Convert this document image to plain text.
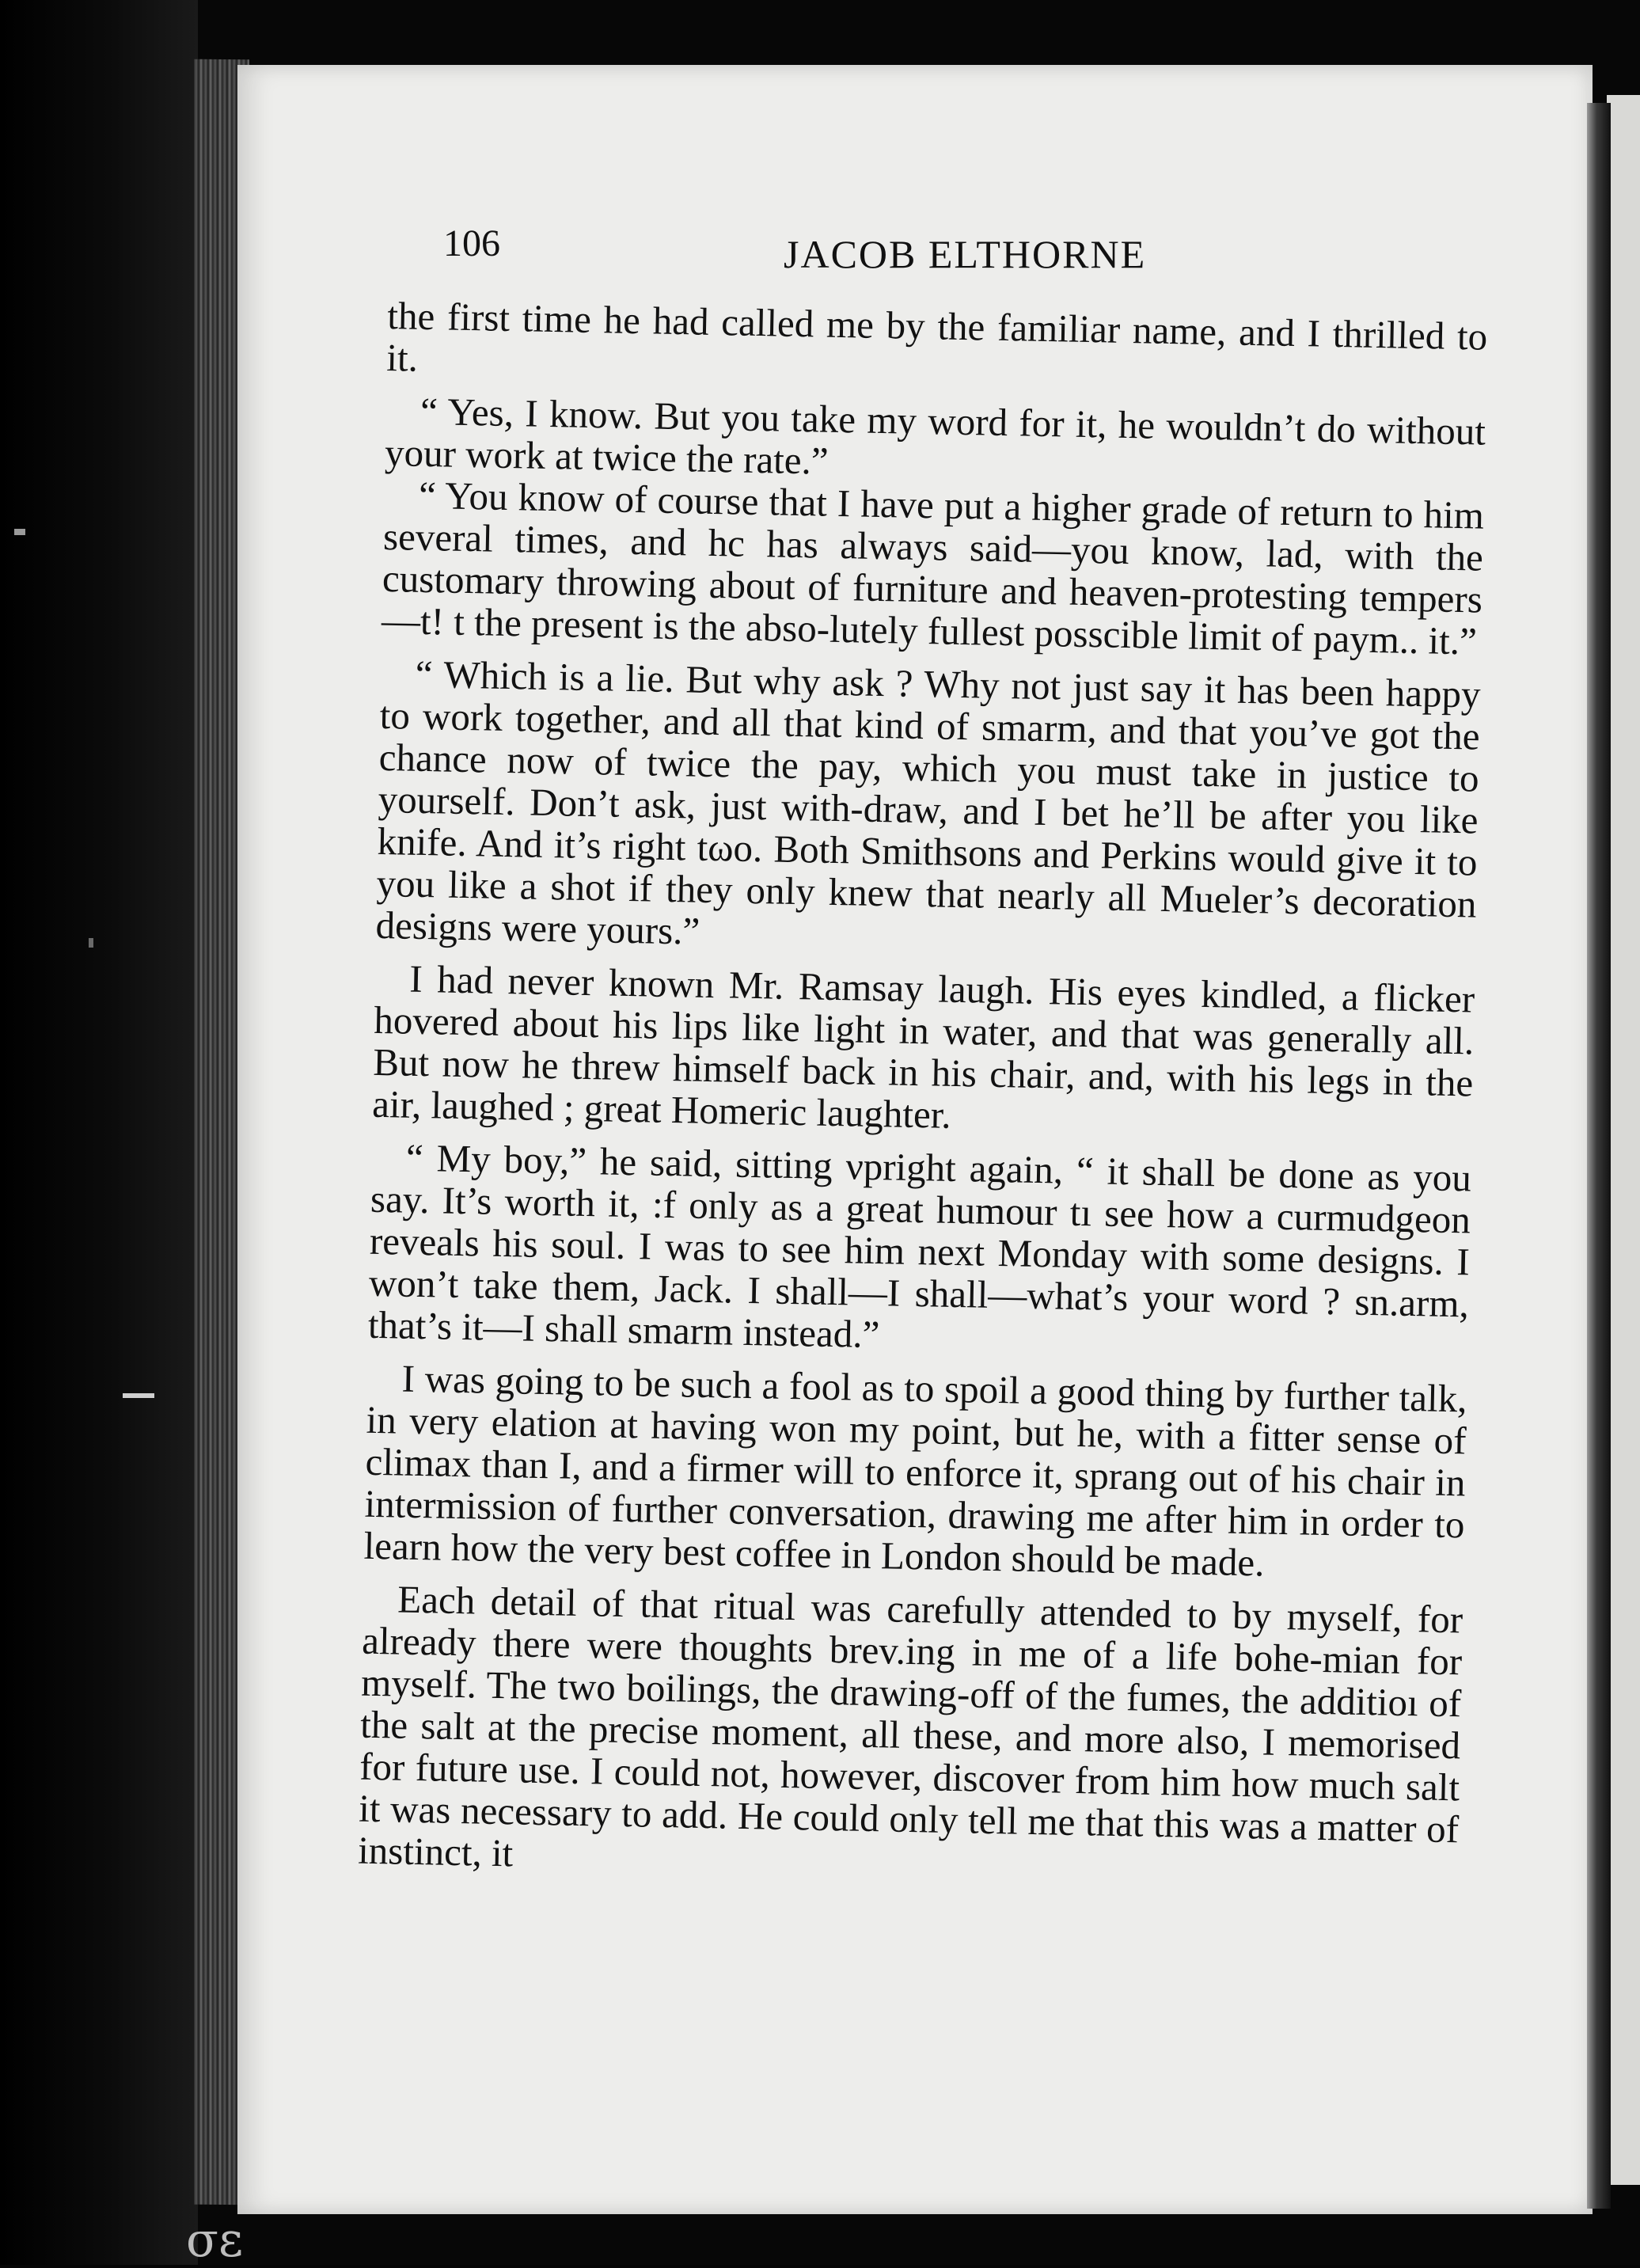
106	JACOB ELTHORNE

the first time he had called me by the familiar name, and I thrilled to it.

“ Yes, I know. But you take my word for it, he wouldn’t do without your work at twice the rate.”

“ You know of course that I have put a higher grade of return to him several times, and hс has always said—you know, lad, with the customary throwing about of furniture and heaven-protesting tempers—t! t the present is the abso-lutely fullest possсible limit of paym.. it.”

“ Which is a lie. But why ask ? Why not just say it has been happy to work together, and all that kind of smarm, and that you’ve got the chance now of twice the pay, which you must take in justice to yourself. Don’t ask, just with-draw, and I bet he’ll be after you like knife. And it’s right tωo. Both Smithsons and Perkins would give it to you like a shot if they only knew that nearly all Mueler’s decoration designs were yours.”

I had never known Mr. Ramsay laugh. His eyes kindled, a flicker hovered about his lips like light in water, and that was generally all. But now he threw himself back in his chair, and, with his legs in the air, laughed ; great Homeric laughter.

“ My boy,” he said, sitting νpright again, “ it shall be done as you say. It’s worth it, :f only as a great humour tı see how a curmudgeon reveals his soul. I was to see him next Monday with sοme designs. I won’t take them, Jack. I shall—I shall—what’s your word ? sn.arm, that’s it—I shall smarm instead.”

I was going to be such a fool as to spoil a good thing by further talk, in very elation at having won my point, but he, with a fitter sense of climax than I, and a firmer will to enforce it, sprang out of his chair in intermission of further conversation, drawing me after him in order to learn how the very best coffee in London should be made.

Each detail of that ritual was carefully attended to by myself, for already there were thoughts brev.ing in me of a life bohe-mian for myself. The two boilings, the drawing-off of the fumes, the additioı of the salt at the precise moment, all these, and more also, I memorised for future use. I could not, however, discover from him how much salt it was necessary to add. He could only tell me that this was a matter of instinct, it

σε
